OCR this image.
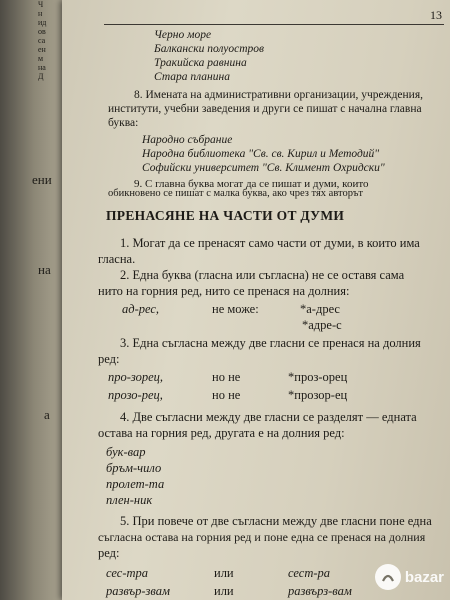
Ч
н
ид
ов
са
ен
м
на
Д
ени
на
а
13
Черно море
Балкански полуостров
Тракийска равнина
Стара планина
8. Имената на административни организации, учреждения,
институти, учебни заведения и други се пишат с начална главна
буква:
Народно събрание
Народна библиотека "Св. св. Кирил и Методий"
Софийски университет "Св. Климент Охридски"
9. С главна буква могат да се пишат и думи, които
ПРЕНАСЯНЕ НА ЧАСТИ ОТ ДУМИ
обикновено се пишат с малка буква, ако чрез тях авторът
1. Могат да се пренасят само части от думи, в които има
гласна.
2. Една буква (гласна или съгласна) не се оставя сама
нито на горния ред, нито се пренася на долния:
ад-рес,	не може:	*а-дрес
*адре-с
3. Една съгласна между две гласни се пренася на долния
ред:
про-зорец,	но не	*проз-орец
прозо-рец,	но не	*прозор-ец
4. Две съгласни между две гласни се разделят — едната
остава на горния ред, другата е на долния ред:
бук-вар
бръм-чило
пролет-та
плен-ник
5. При повече от две съгласни между две гласни поне една
съгласна остава на горния ред и поне една се пренася на долния
ред:
сес-тра	или	сест-ра
развър-звам	или	развърз-вам
bazar
